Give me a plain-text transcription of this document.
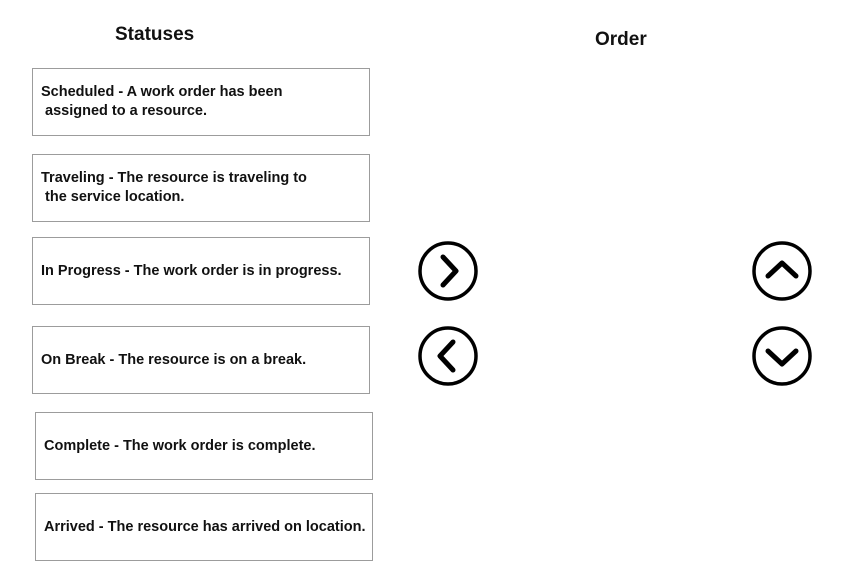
Statuses	Order
Scheduled - A work order has been
assigned to a resource.
Traveling - The resource is traveling to
the service location.
In Progress - The work order is in progress.
On Break - The resource is on a break.
Complete - The work order is complete.
Arrived - The resource has arrived on location.
